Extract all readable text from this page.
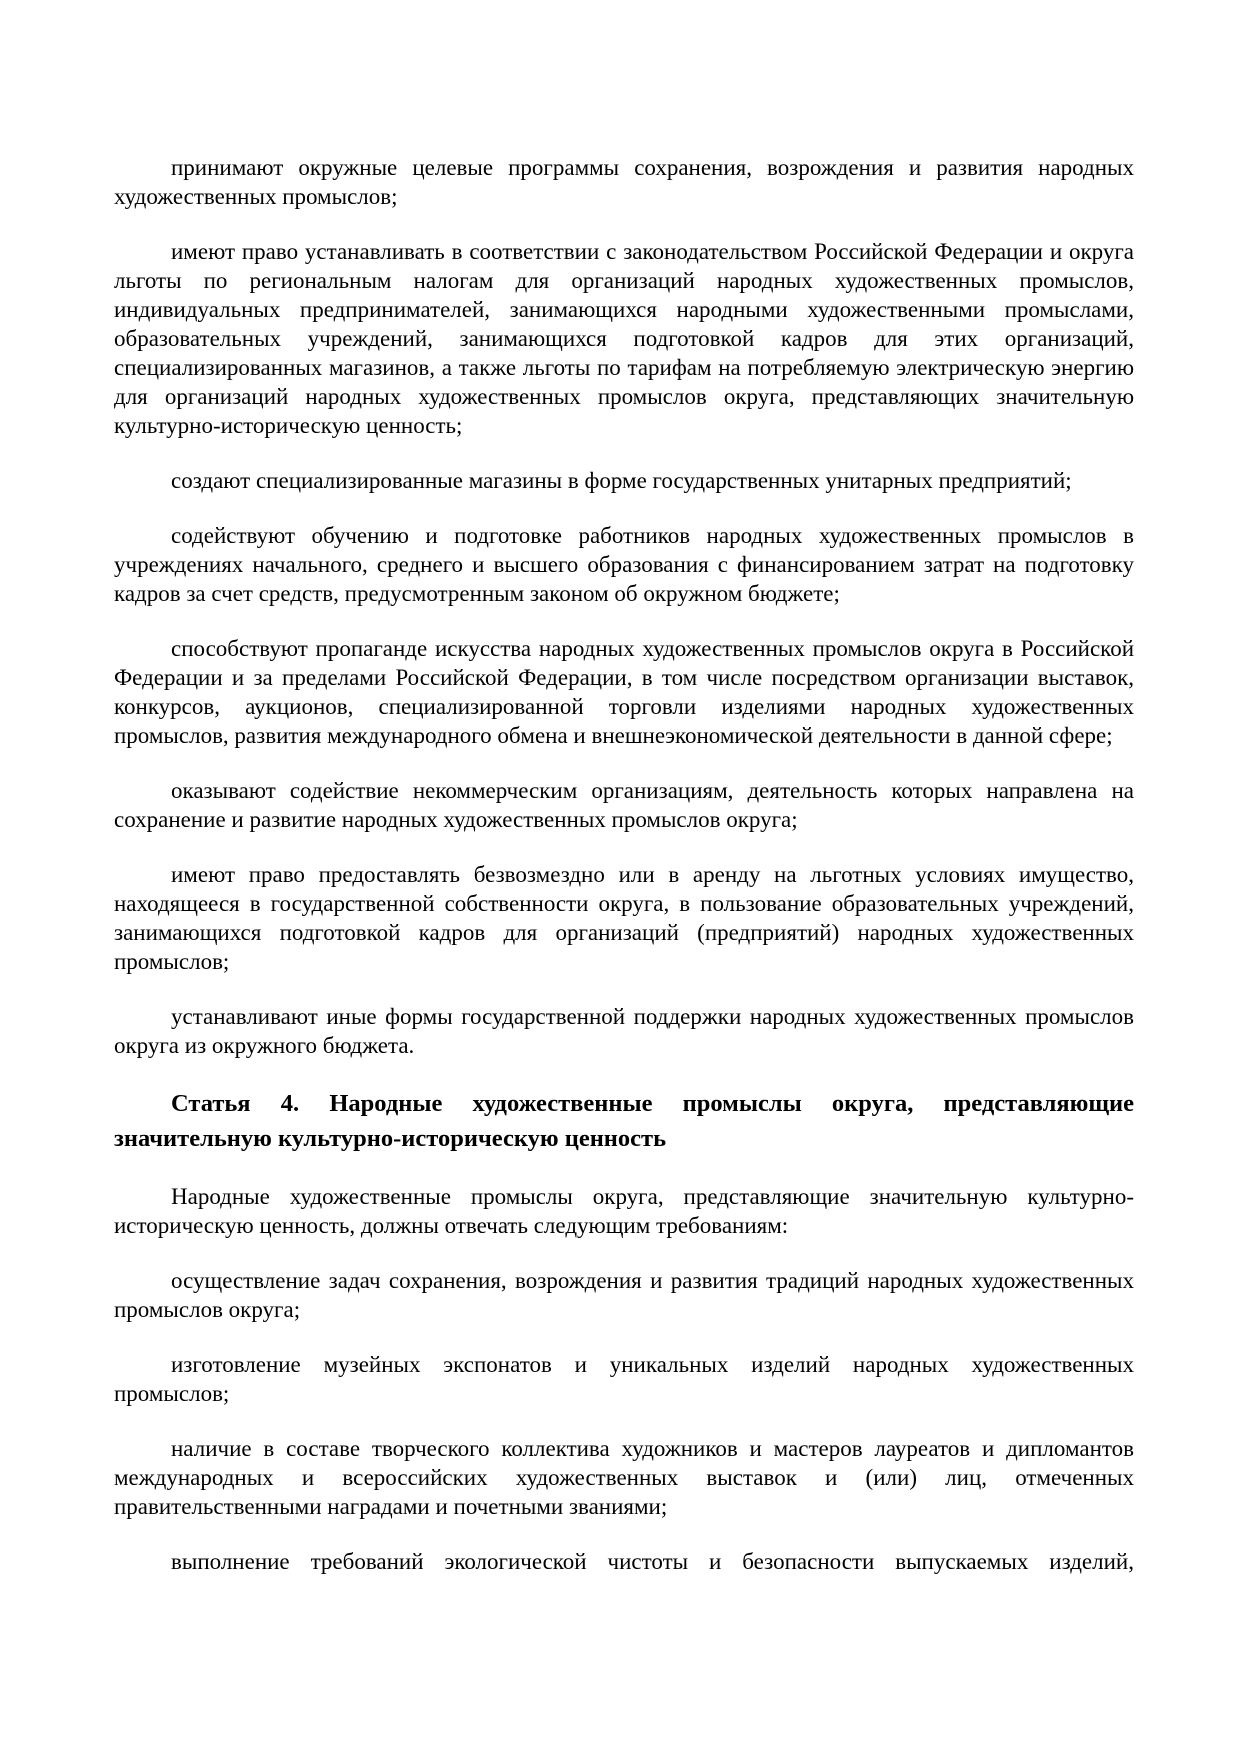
принимают окружные целевые программы сохранения, возрождения и развития народных художественных промыслов;

имеют право устанавливать в соответствии с законодательством Российской Федерации и округа льготы по региональным налогам для организаций народных художественных промыслов, индивидуальных предпринимателей, занимающихся народными художественными промыслами, образовательных учреждений, занимающихся подготовкой кадров для этих организаций, специализированных магазинов, а также льготы по тарифам на потребляемую электрическую энергию для организаций народных художественных промыслов округа, представляющих значительную культурно-историческую ценность;

создают специализированные магазины в форме государственных унитарных предприятий;

содействуют обучению и подготовке работников народных художественных промыслов в учреждениях начального, среднего и высшего образования с финансированием затрат на подготовку кадров за счет средств, предусмотренным законом об окружном бюджете;

способствуют пропаганде искусства народных художественных промыслов округа в Российской Федерации и за пределами Российской Федерации, в том числе посредством организации выставок, конкурсов, аукционов, специализированной торговли изделиями народных художественных промыслов, развития международного обмена и внешнеэкономической деятельности в данной сфере;

оказывают содействие некоммерческим организациям, деятельность которых направлена на сохранение и развитие народных художественных промыслов округа;

имеют право предоставлять безвозмездно или в аренду на льготных условиях имущество, находящееся в государственной собственности округа, в пользование образовательных учреждений, занимающихся подготовкой кадров для организаций (предприятий) народных художественных промыслов;

устанавливают иные формы государственной поддержки народных художественных промыслов округа из окружного бюджета.

Статья 4. Народные художественные промыслы округа, представляющие значительную культурно-историческую ценность

Народные художественные промыслы округа, представляющие значительную культурно-историческую ценность, должны отвечать следующим требованиям:

осуществление задач сохранения, возрождения и развития традиций народных художественных промыслов округа;

изготовление музейных экспонатов и уникальных изделий народных художественных промыслов;

наличие в составе творческого коллектива художников и мастеров лауреатов и дипломантов международных и всероссийских художественных выставок и (или) лиц, отмеченных правительственными наградами и почетными званиями;

выполнение требований экологической чистоты и безопасности выпускаемых изделий,
